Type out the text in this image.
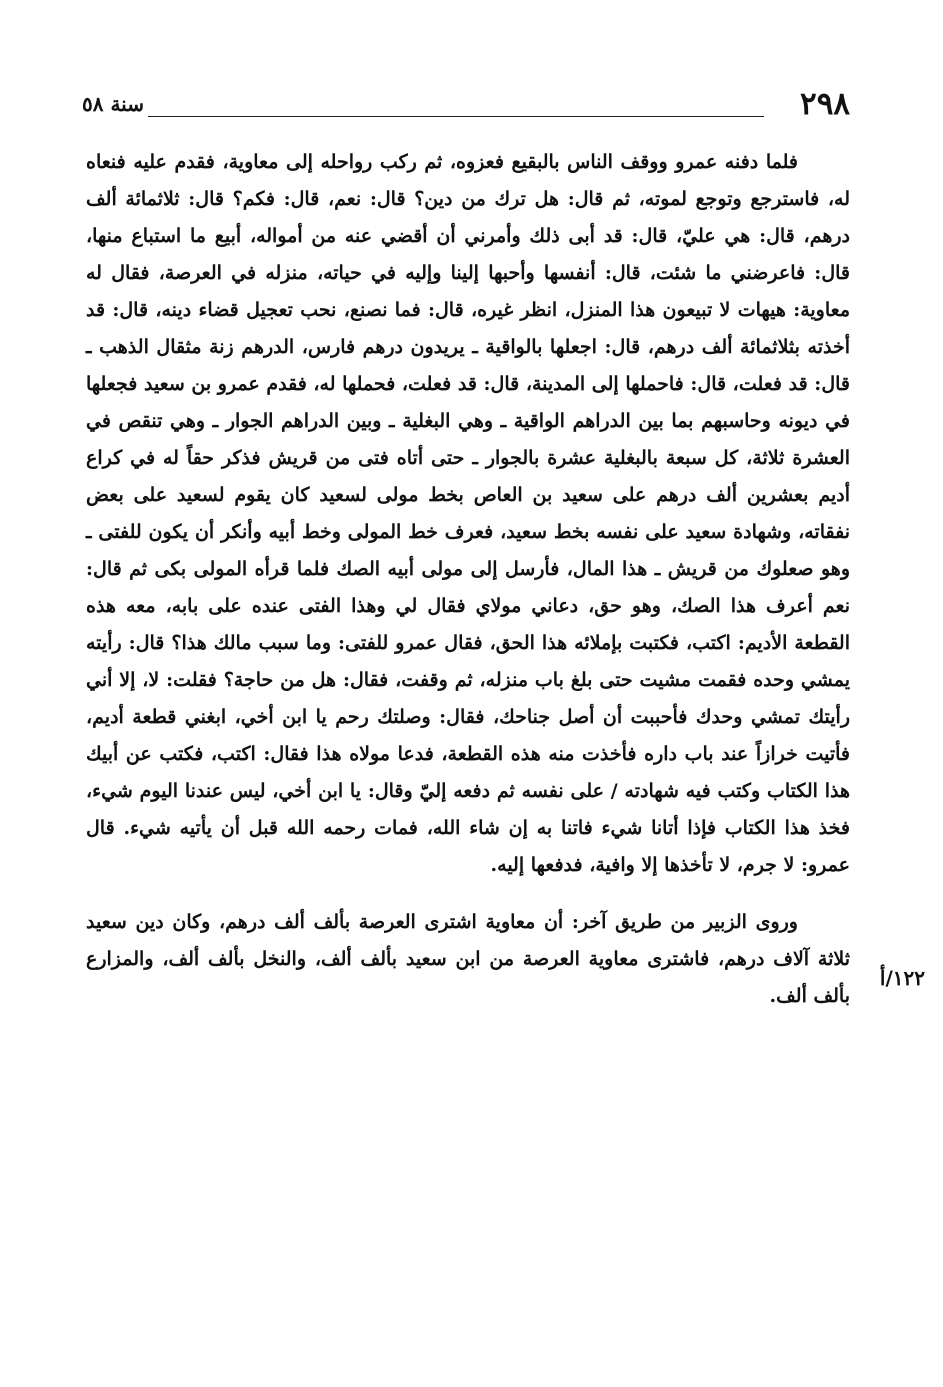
٢٩٨
سنة ٥٨
١٢٢/أ

فلما دفنه عمرو ووقف الناس بالبقيع فعزوه، ثم ركب رواحله إلى معاوية، فقدم عليه فنعاه له، فاسترجع وتوجع لموته، ثم قال: هل ترك من دين؟ قال: نعم، قال: فكم؟ قال: ثلاثمائة ألف درهم، قال: هي عليّ، قال: قد أبى ذلك وأمرني أن أقضي عنه من أمواله، أبيع ما استباع منها، قال: فاعرضني ما شئت، قال: أنفسها وأحبها إلينا وإليه في حياته، منزله في العرصة، فقال له معاوية: هيهات لا تبيعون هذا المنزل، انظر غيره، قال: فما نصنع، نحب تعجيل قضاء دينه، قال: قد أخذته بثلاثمائة ألف درهم، قال: اجعلها بالواقية ـ يريدون درهم فارس، الدرهم زنة مثقال الذهب ـ قال: قد فعلت، قال: فاحملها إلى المدينة، قال: قد فعلت، فحملها له، فقدم عمرو بن سعيد فجعلها في ديونه وحاسبهم بما بين الدراهم الواقية ـ وهي البغلية ـ وبين الدراهم الجوار ـ وهي تنقص في العشرة ثلاثة، كل سبعة بالبغلية عشرة بالجوار ـ حتى أتاه فتى من قريش فذكر حقاً له في كراع أديم بعشرين ألف درهم على سعيد بن العاص بخط مولى لسعيد كان يقوم لسعيد على بعض نفقاته، وشهادة سعيد على نفسه بخط سعيد، فعرف خط المولى وخط أبيه وأنكر أن يكون للفتى ـ وهو صعلوك من قريش ـ هذا المال، فأرسل إلى مولى أبيه الصك فلما قرأه المولى بكى ثم قال: نعم أعرف هذا الصك، وهو حق، دعاني مولاي فقال لي وهذا الفتى عنده على بابه، معه هذه القطعة الأديم: اكتب، فكتبت بإملائه هذا الحق، فقال عمرو للفتى: وما سبب مالك هذا؟ قال: رأيته يمشي وحده فقمت مشيت حتى بلغ باب منزله، ثم وقفت، فقال: هل من حاجة؟ فقلت: لا، إلا أني رأيتك تمشي وحدك فأحببت أن أصل جناحك، فقال: وصلتك رحم يا ابن أخي، ابغني قطعة أديم، فأتيت خرازاً عند باب داره فأخذت منه هذه القطعة، فدعا مولاه هذا فقال: اكتب، فكتب عن أبيك هذا الكتاب وكتب فيه شهادته / على نفسه ثم دفعه إليّ وقال: يا ابن أخي، ليس عندنا اليوم شيء، فخذ هذا الكتاب فإذا أتانا شيء فاتنا به إن شاء الله، فمات رحمه الله قبل أن يأتيه شيء. قال عمرو: لا جرم، لا تأخذها إلا وافية، فدفعها إليه.

وروى الزبير من طريق آخر: أن معاوية اشترى العرصة بألف ألف درهم، وكان دين سعيد ثلاثة آلاف درهم، فاشترى معاوية العرصة من ابن سعيد بألف ألف، والنخل بألف ألف، والمزارع بألف ألف.
